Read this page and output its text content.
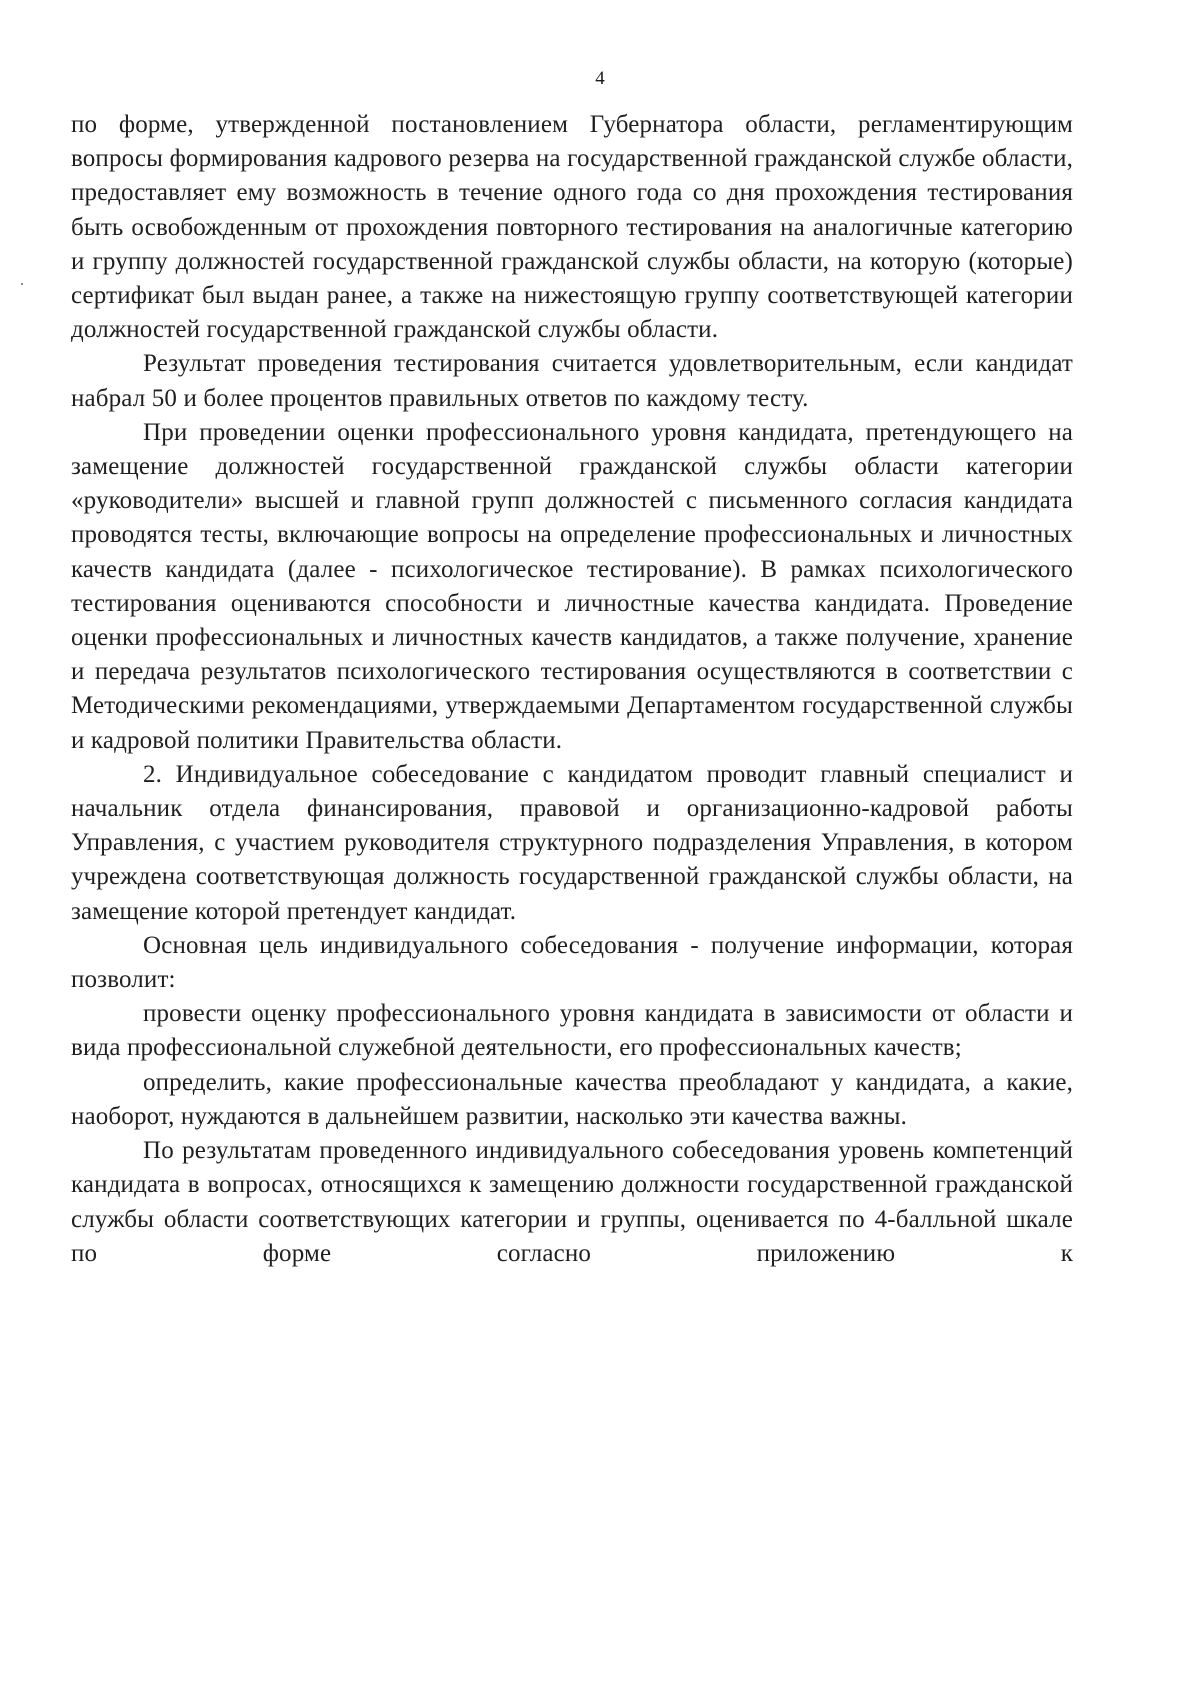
4

по форме, утвержденной постановлением Губернатора области, регламентирующим вопросы формирования кадрового резерва на государственной гражданской службе области, предоставляет ему возможность в течение одного года со дня прохождения тестирования быть освобожденным от прохождения повторного тестирования на аналогичные категорию и группу должностей государственной гражданской службы области, на которую (которые) сертификат был выдан ранее, а также на нижестоящую группу соответствующей категории должностей государственной гражданской службы области.

Результат проведения тестирования считается удовлетворительным, если кандидат набрал 50 и более процентов правильных ответов по каждому тесту.

При проведении оценки профессионального уровня кандидата, претендующего на замещение должностей государственной гражданской службы области категории «руководители» высшей и главной групп должностей с письменного согласия кандидата проводятся тесты, включающие вопросы на определение профессиональных и личностных качеств кандидата (далее - психологическое тестирование). В рамках психологического тестирования оцениваются способности и личностные качества кандидата. Проведение оценки профессиональных и личностных качеств кандидатов, а также получение, хранение и передача результатов психологического тестирования осуществляются в соответствии с Методическими рекомендациями, утверждаемыми Департаментом государственной службы и кадровой политики Правительства области.

2. Индивидуальное собеседование с кандидатом проводит главный специалист и начальник отдела финансирования, правовой и организационно-кадровой работы Управления, с участием руководителя структурного подразделения Управления, в котором учреждена соответствующая должность государственной гражданской службы области, на замещение которой претендует кандидат.

Основная цель индивидуального собеседования - получение информации, которая позволит:

провести оценку профессионального уровня кандидата в зависимости от области и вида профессиональной служебной деятельности, его профессиональных качеств;

определить, какие профессиональные качества преобладают у кандидата, а какие, наоборот, нуждаются в дальнейшем развитии, насколько эти качества важны.

По результатам проведенного индивидуального собеседования уровень компетенций кандидата в вопросах, относящихся к замещению должности государственной гражданской службы области соответствующих категории и группы, оценивается по 4-балльной шкале по форме согласно приложению к
